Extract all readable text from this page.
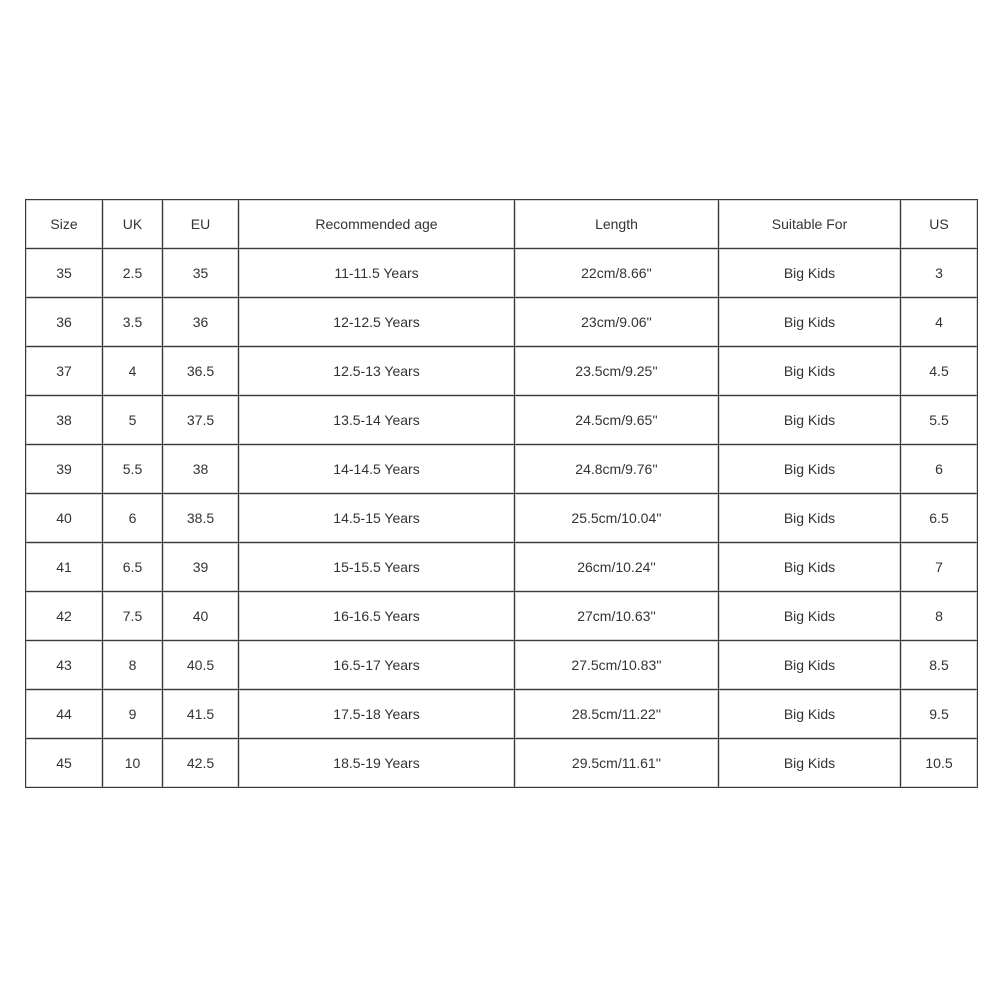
Size	UK	EU	Recommended age	Length	Suitable For	US
35	2.5	35	11-11.5 Years	22cm/8.66''	Big Kids	3
36	3.5	36	12-12.5 Years	23cm/9.06''	Big Kids	4
37	4	36.5	12.5-13 Years	23.5cm/9.25''	Big Kids	4.5
38	5	37.5	13.5-14 Years	24.5cm/9.65''	Big Kids	5.5
39	5.5	38	14-14.5 Years	24.8cm/9.76''	Big Kids	6
40	6	38.5	14.5-15 Years	25.5cm/10.04''	Big Kids	6.5
41	6.5	39	15-15.5 Years	26cm/10.24''	Big Kids	7
42	7.5	40	16-16.5 Years	27cm/10.63''	Big Kids	8
43	8	40.5	16.5-17 Years	27.5cm/10.83''	Big Kids	8.5
44	9	41.5	17.5-18 Years	28.5cm/11.22''	Big Kids	9.5
45	10	42.5	18.5-19 Years	29.5cm/11.61''	Big Kids	10.5
